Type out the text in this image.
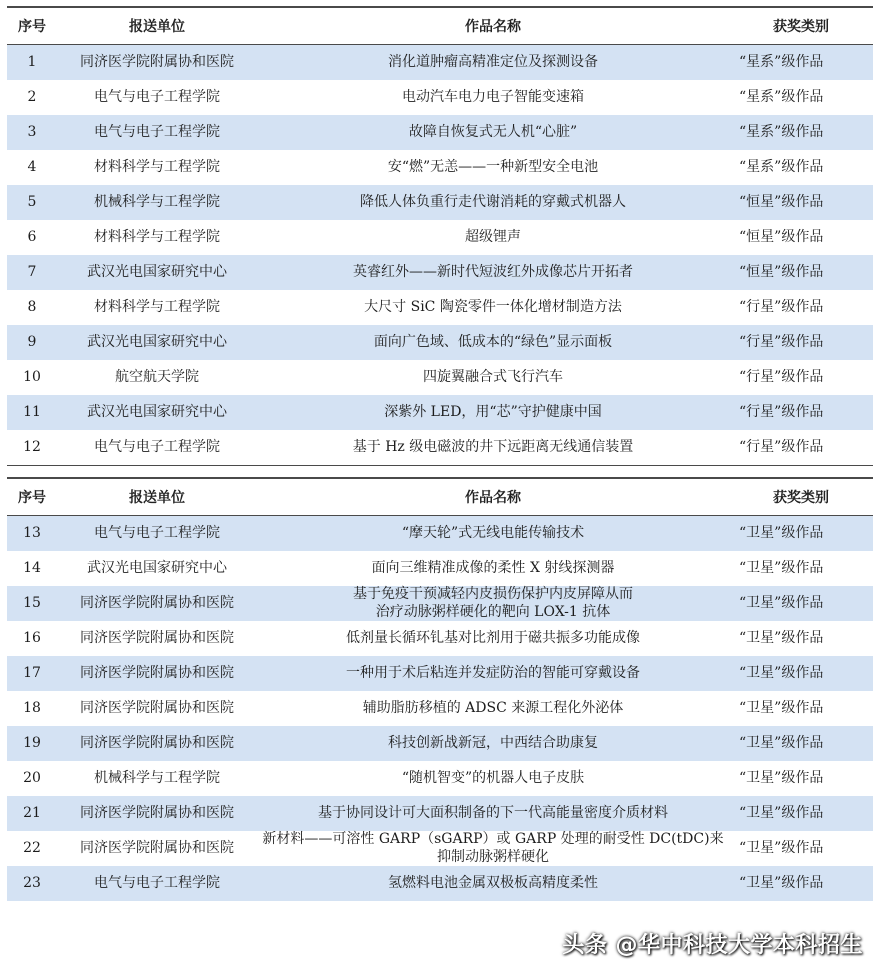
序号	报送单位	作品名称	获奖类别
1	同济医学院附属协和医院	消化道肿瘤高精准定位及探测设备	“星系”级作品
2	电气与电子工程学院	电动汽车电力电子智能变速箱	“星系”级作品
3	电气与电子工程学院	故障自恢复式无人机“心脏”	“星系”级作品
4	材料科学与工程学院	安“燃”无恙——一种新型安全电池	“星系”级作品
5	机械科学与工程学院	降低人体负重行走代谢消耗的穿戴式机器人	“恒星”级作品
6	材料科学与工程学院	超级锂声	“恒星”级作品
7	武汉光电国家研究中心	英睿红外——新时代短波红外成像芯片开拓者	“恒星”级作品
8	材料科学与工程学院	大尺寸 SiC 陶瓷零件一体化增材制造方法	“行星”级作品
9	武汉光电国家研究中心	面向广色域、低成本的“绿色”显示面板	“行星”级作品
10	航空航天学院	四旋翼融合式飞行汽车	“行星”级作品
11	武汉光电国家研究中心	深紫外 LED，用“芯”守护健康中国	“行星”级作品
12	电气与电子工程学院	基于 Hz 级电磁波的井下远距离无线通信装置	“行星”级作品
序号	报送单位	作品名称	获奖类别
13	电气与电子工程学院	“摩天轮”式无线电能传输技术	“卫星”级作品
14	武汉光电国家研究中心	面向三维精准成像的柔性 X 射线探测器	“卫星”级作品
15	同济医学院附属协和医院	基于免疫干预减轻内皮损伤保护内皮屏障从而
治疗动脉粥样硬化的靶向 LOX-1 抗体	“卫星”级作品
16	同济医学院附属协和医院	低剂量长循环钆基对比剂用于磁共振多功能成像	“卫星”级作品
17	同济医学院附属协和医院	一种用于术后粘连并发症防治的智能可穿戴设备	“卫星”级作品
18	同济医学院附属协和医院	辅助脂肪移植的 ADSC 来源工程化外泌体	“卫星”级作品
19	同济医学院附属协和医院	科技创新战新冠，中西结合助康复	“卫星”级作品
20	机械科学与工程学院	“随机智变”的机器人电子皮肤	“卫星”级作品
21	同济医学院附属协和医院	基于协同设计可大面积制备的下一代高能量密度介质材料	“卫星”级作品
22	同济医学院附属协和医院	新材料——可溶性 GARP（sGARP）或 GARP 处理的耐受性 DC(tDC)来
抑制动脉粥样硬化	“卫星”级作品
23	电气与电子工程学院	氢燃料电池金属双极板高精度柔性	“卫星”级作品
头条 @华中科技大学本科招生
